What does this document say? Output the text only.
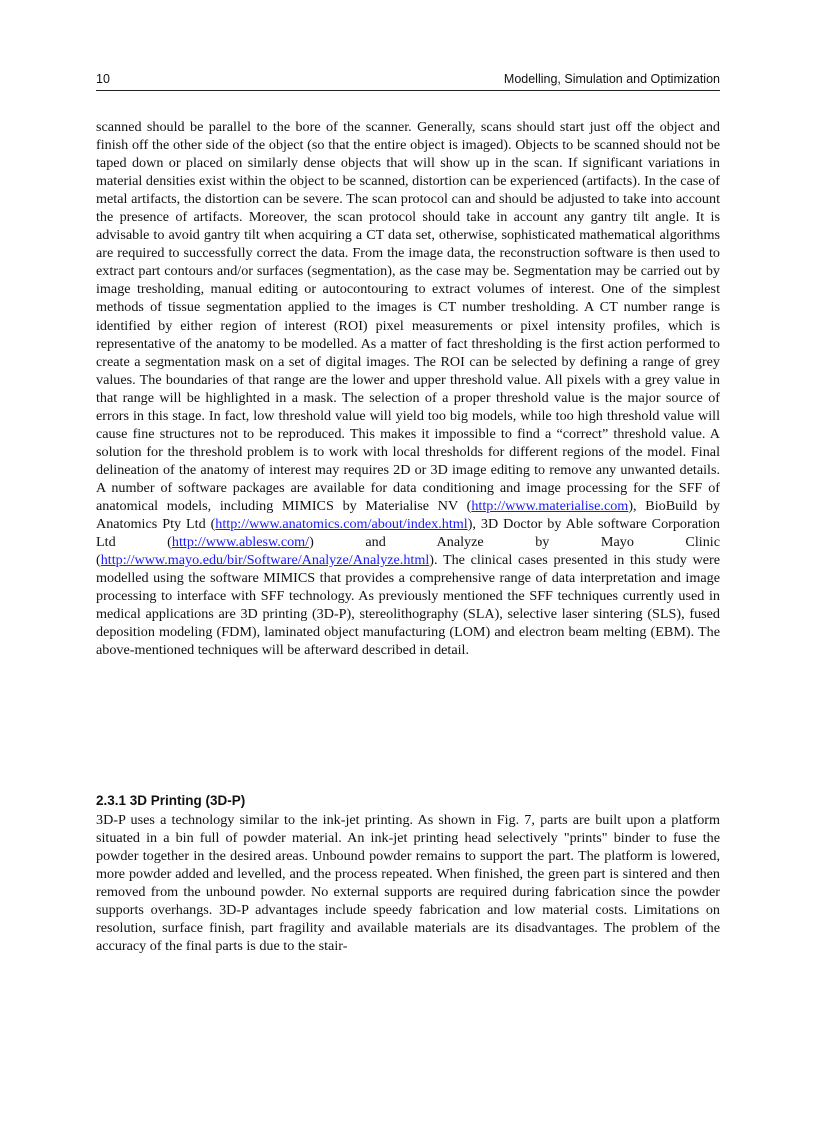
10	Modelling, Simulation and Optimization

scanned should be parallel to the bore of the scanner. Generally, scans should start just off the object and finish off the other side of the object (so that the entire object is imaged). Objects to be scanned should not be taped down or placed on similarly dense objects that will show up in the scan. If significant variations in material densities exist within the object to be scanned, distortion can be experienced (artifacts). In the case of metal artifacts, the distortion can be severe. The scan protocol can and should be adjusted to take into account the presence of artifacts. Moreover, the scan protocol should take in account any gantry tilt angle. It is advisable to avoid gantry tilt when acquiring a CT data set, otherwise, sophisticated mathematical algorithms are required to successfully correct the data. From the image data, the reconstruction software is then used to extract part contours and/or surfaces (segmentation), as the case may be. Segmentation may be carried out by image tresholding, manual editing or autocontouring to extract volumes of interest. One of the simplest methods of tissue segmentation applied to the images is CT number tresholding. A CT number range is identified by either region of interest (ROI) pixel measurements or pixel intensity profiles, which is representative of the anatomy to be modelled. As a matter of fact thresholding is the first action performed to create a segmentation mask on a set of digital images. The ROI can be selected by defining a range of grey values. The boundaries of that range are the lower and upper threshold value. All pixels with a grey value in that range will be highlighted in a mask. The selection of a proper threshold value is the major source of errors in this stage. In fact, low threshold value will yield too big models, while too high threshold value will cause fine structures not to be reproduced. This makes it impossible to find a “correct” threshold value. A solution for the threshold problem is to work with local thresholds for different regions of the model. Final delineation of the anatomy of interest may requires 2D or 3D image editing to remove any unwanted details. A number of software packages are available for data conditioning and image processing for the SFF of anatomical models, including MIMICS by Materialise NV (http://www.materialise.com), BioBuild by Anatomics Pty Ltd (http://www.anatomics.com/about/index.html), 3D Doctor by Able software Corporation Ltd (http://www.ablesw.com/) and Analyze by Mayo Clinic (http://www.mayo.edu/bir/Software/Analyze/Analyze.html). The clinical cases presented in this study were modelled using the software MIMICS that provides a comprehensive range of data interpretation and image processing to interface with SFF technology. As previously mentioned the SFF techniques currently used in medical applications are 3D printing (3D-P), stereolithography (SLA), selective laser sintering (SLS), fused deposition modeling (FDM), laminated object manufacturing (LOM) and electron beam melting (EBM). The above-mentioned techniques will be afterward described in detail.

2.3.1 3D Printing (3D-P)

3D-P uses a technology similar to the ink-jet printing. As shown in Fig. 7, parts are built upon a platform situated in a bin full of powder material. An ink-jet printing head selectively "prints" binder to fuse the powder together in the desired areas. Unbound powder remains to support the part. The platform is lowered, more powder added and levelled, and the process repeated. When finished, the green part is sintered and then removed from the unbound powder. No external supports are required during fabrication since the powder supports overhangs. 3D-P advantages include speedy fabrication and low material costs. Limitations on resolution, surface finish, part fragility and available materials are its disadvantages. The problem of the accuracy of the final parts is due to the stair-
